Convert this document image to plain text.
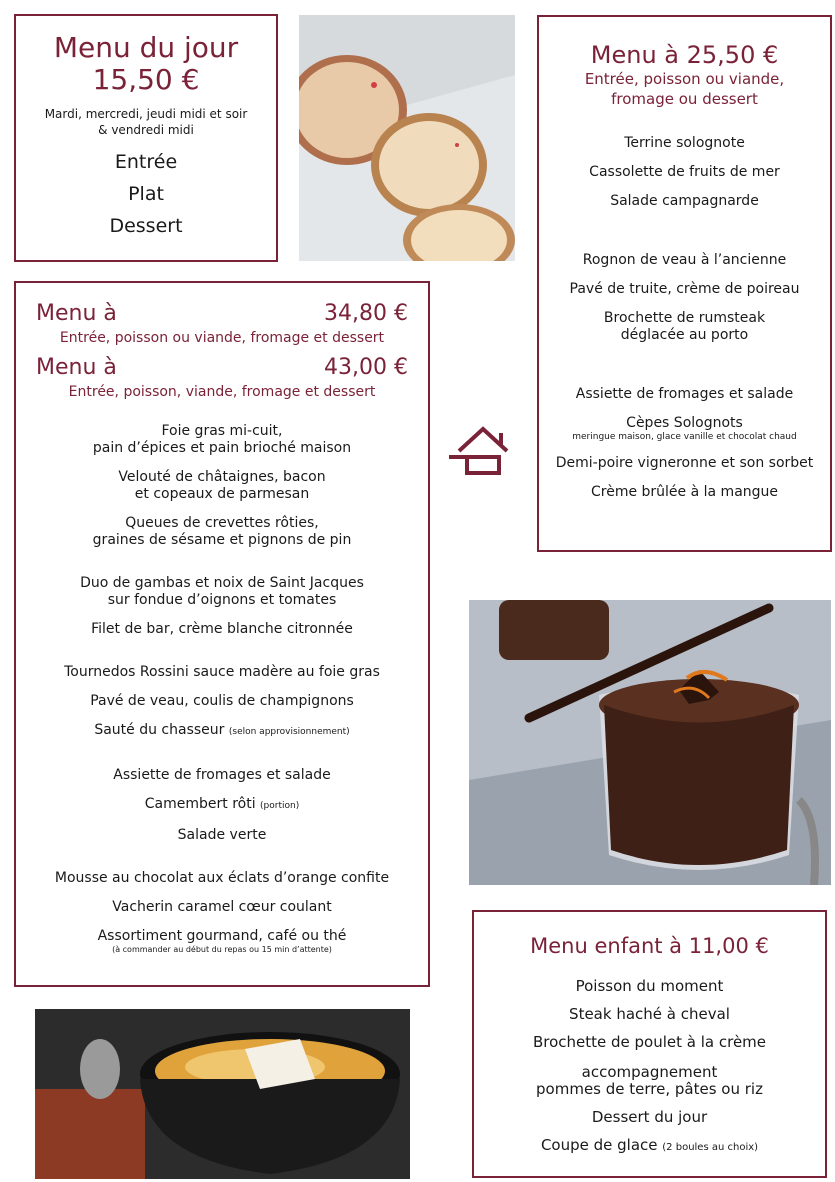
Menu du jour
15,50 €
Mardi, mercredi, jeudi midi et soir
& vendredi midi
Entrée
Plat
Dessert
Menu à 25,50 €
Entrée, poisson ou viande,
fromage ou dessert
Terrine solognote
Cassolette de fruits de mer
Salade campagnarde
Rognon de veau à l’ancienne
Pavé de truite, crème de poireau
Brochette de rumsteak
déglacée au porto
Assiette de fromages et salade
Cèpes Solognots
meringue maison, glace vanille et chocolat chaud
Demi-poire vigneronne et son sorbet
Crème brûlée à la mangue
Menu à	34,80 €
Entrée, poisson ou viande, fromage et dessert
Menu à	43,00 €
Entrée, poisson, viande, fromage et dessert
Foie gras mi-cuit,
pain d’épices et pain brioché maison
Velouté de châtaignes, bacon
et copeaux de parmesan
Queues de crevettes rôties,
graines de sésame et pignons de pin
Duo de gambas et noix de Saint Jacques
sur fondue d’oignons et tomates
Filet de bar, crème blanche citronnée
Tournedos Rossini sauce madère au foie gras
Pavé de veau, coulis de champignons
Sauté du chasseur (selon approvisionnement)
Assiette de fromages et salade
Camembert rôti (portion)
Salade verte
Mousse au chocolat aux éclats d’orange confite
Vacherin caramel cœur coulant
Assortiment gourmand, café ou thé
(à commander au début du repas ou 15 min d’attente)	Menu enfant à 11,00 €
Poisson du moment
Steak haché à cheval
Brochette de poulet à la crème
accompagnement
pommes de terre, pâtes ou riz
Dessert du jour
Coupe de glace (2 boules au choix)
